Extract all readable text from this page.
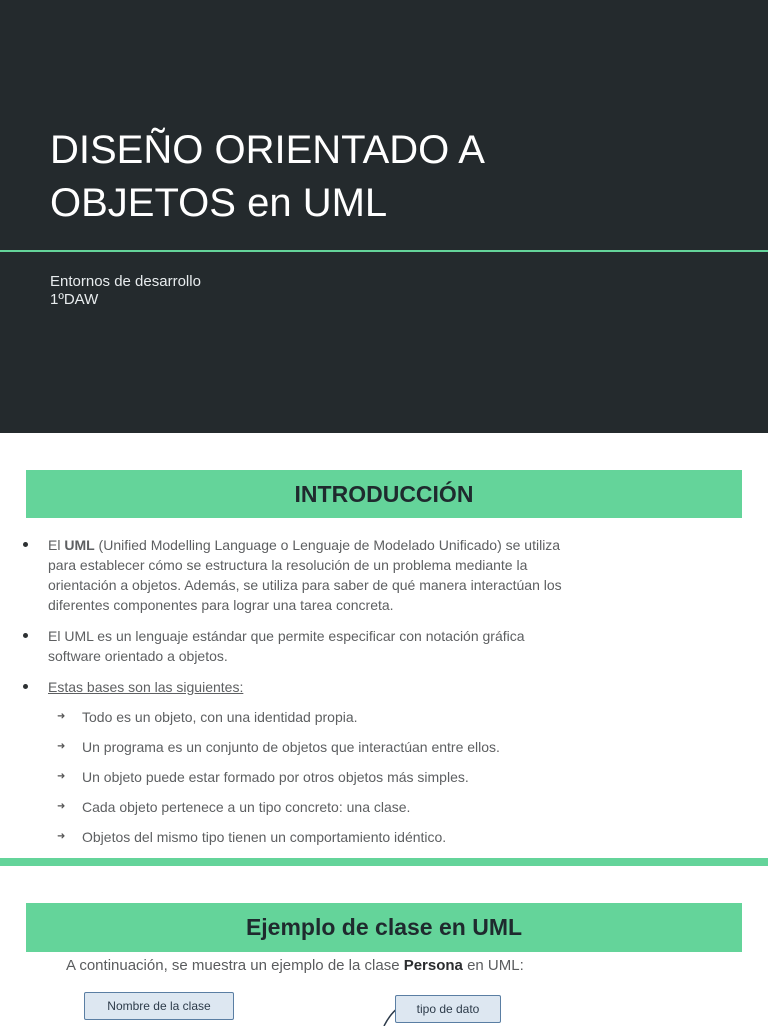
DISEÑO ORIENTADO A
OBJETOS en UML
Entornos de desarrollo
1ºDAW
INTRODUCCIÓN
El UML (Unified Modelling Language o Lenguaje de Modelado Unificado) se utiliza
para establecer cómo se estructura la resolución de un problema mediante la
orientación a objetos. Además, se utiliza para saber de qué manera interactúan los
diferentes componentes para lograr una tarea concreta.
El UML es un lenguaje estándar que permite especificar con notación gráfica
software orientado a objetos.
Estas bases son las siguientes:
➜ Todo es un objeto, con una identidad propia.
➜ Un programa es un conjunto de objetos que interactúan entre ellos.
➜ Un objeto puede estar formado por otros objetos más simples.
➜ Cada objeto pertenece a un tipo concreto: una clase.
➜ Objetos del mismo tipo tienen un comportamiento idéntico.
Ejemplo de clase en UML
A continuación, se muestra un ejemplo de la clase Persona en UML:
Nombre de la clase	tipo de dato
